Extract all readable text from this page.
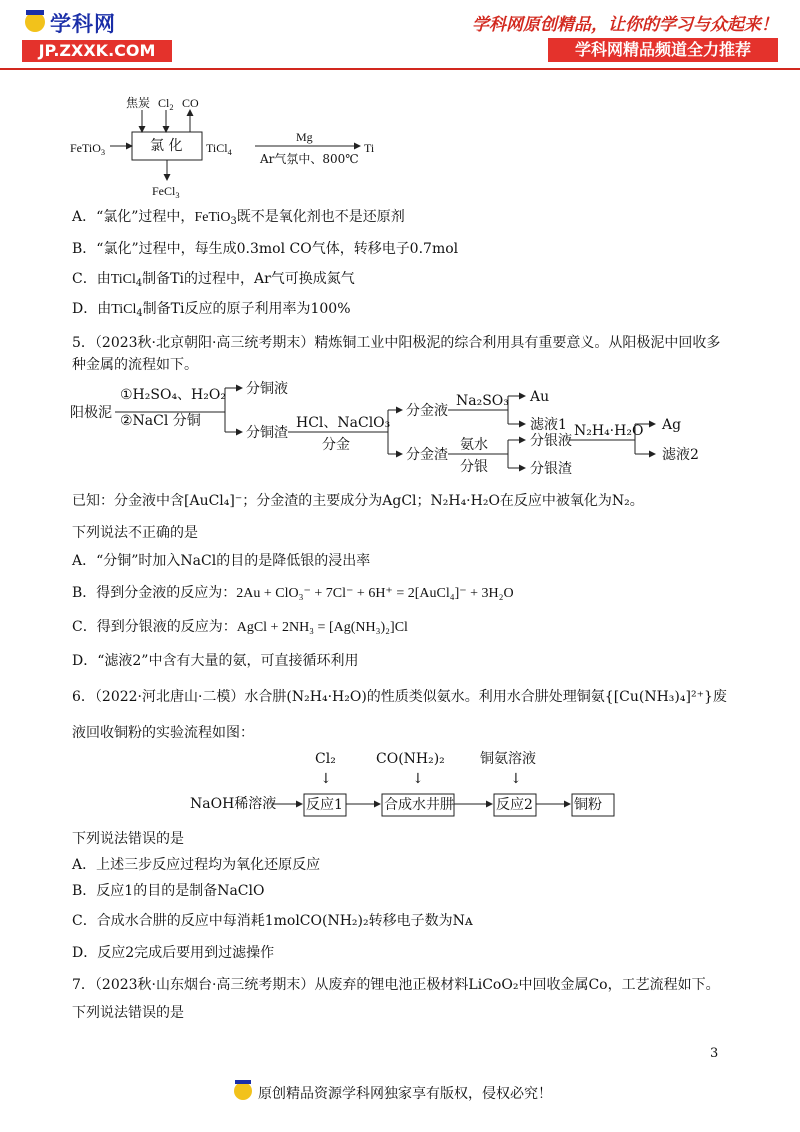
学科网
JP.ZXXK.COM
学科网原创精品，让你的学习与众起来！
学科网精品频道全力推荐
FeTiO$_3$
焦炭 $Cl_2$ CO
氯 化
FeCl$_3$
TiCl$_4$
Mg
Ar气氛中、800℃
Ti
A．“氯化”过程中，FeTiO$_3$既不是氧化剂也不是还原剂
B．“氯化”过程中，每生成0.3mol CO气体，转移电子0.7mol
C．由TiCl$_4$制备Ti的过程中，Ar气可换成氮气
D．由TiCl$_4$制备Ti反应的原子利用率为100%
5．（2023秋·北京朝阳·高三统考期末）精炼铜工业中阳极泥的综合利用具有重要意义。从阳极泥中回收多
种金属的流程如下。
阳极泥
①H₂SO₄、H₂O₂
②NaCl 分铜
分铜液
分铜渣
HCl、NaClO₃
分金
分金液
分金渣
Na₂SO₃ Au
滤液1
氨水
分银
分银液
分银渣
N₂H₄·H₂O Ag
滤液2
已知：分金液中含[AuCl₄]⁻；分金渣的主要成分为AgCl；N₂H₄·H₂O在反应中被氧化为N₂。
下列说法不正确的是
A．“分铜”时加入NaCl的目的是降低银的浸出率
B．得到分金液的反应为：2Au + ClO₃⁻ + 7Cl⁻ + 6H⁺ = 2[AuCl₄]⁻ + 3H₂O
C．得到分银液的反应为：AgCl + 2NH₃ = [Ag(NH₃)₂]Cl
D．“滤液2”中含有大量的氨，可直接循环利用
6．（2022·河北唐山·二模）水合肼(N₂H₄·H₂O)的性质类似氨水。利用水合肼处理铜氨{[Cu(NH₃)₄]²⁺}废
液回收铜粉的实验流程如图：
Cl₂
↓
CO(NH₂)₂
↓
铜氨溶液
↓
NaOH稀溶液 反应1	合成水井肼	反应2	铜粉
下列说法错误的是
A．上述三步反应过程均为氧化还原反应
B．反应1的目的是制备NaClO
C．合成水合肼的反应中每消耗1molCO(NH₂)₂转移电子数为Nᴀ
D．反应2完成后要用到过滤操作
7．（2023秋·山东烟台·高三统考期末）从废弃的锂电池正极材料LiCoO₂中回收金属Co，工艺流程如下。
下列说法错误的是
3
原创精品资源学科网独家享有版权，侵权必究！
